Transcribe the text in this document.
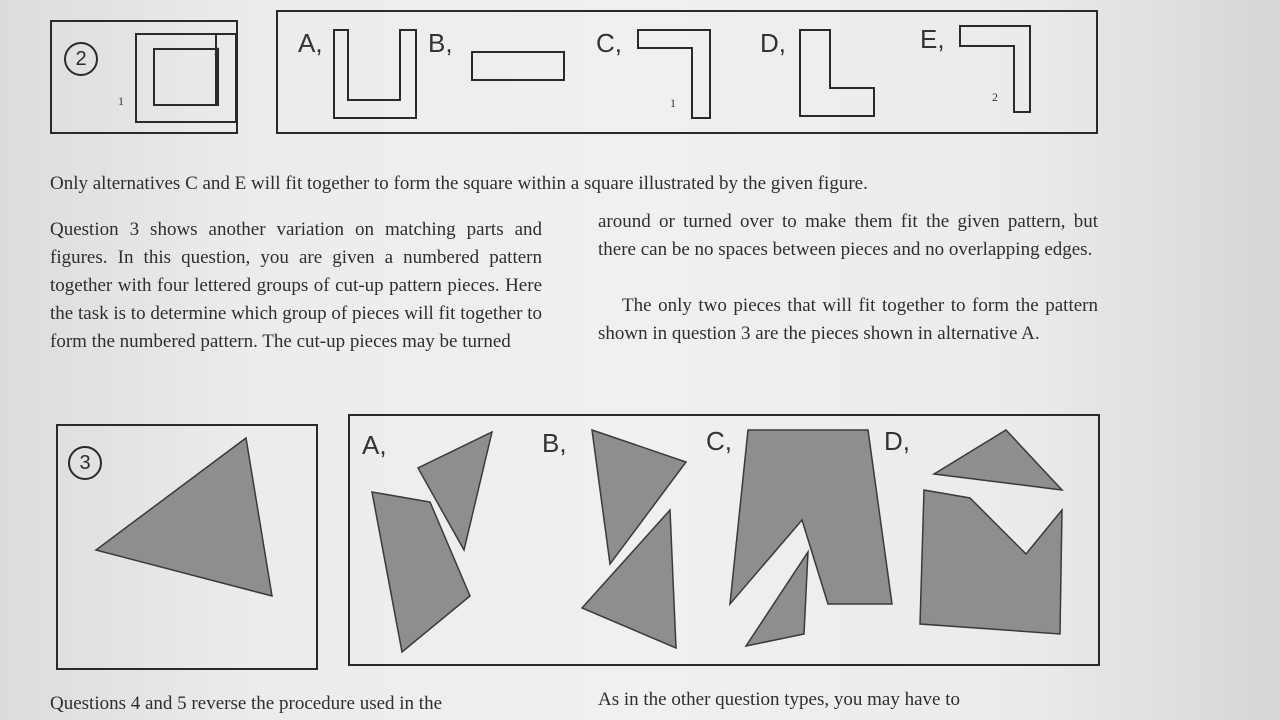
2
1
2	A,	B,	C,
1
D,	E,
2

Only alternatives C and E will fit together to form the square within a square illustrated by the given figure.

Question 3 shows another variation on matching parts and figures. In this question, you are given a numbered pattern together with four lettered groups of cut-up pattern pieces. Here the task is to determine which group of pieces will fit together to form the numbered pattern. The cut-up pieces may be turned

around or turned over to make them fit the given pattern, but there can be no spaces between pieces and no overlapping edges.

The only two pieces that will fit together to form the pattern shown in question 3 are the pieces shown in alternative A.

3
A,	B,	C,	D,

Questions 4 and 5 reverse the procedure used in the	As in the other question types, you may have to
